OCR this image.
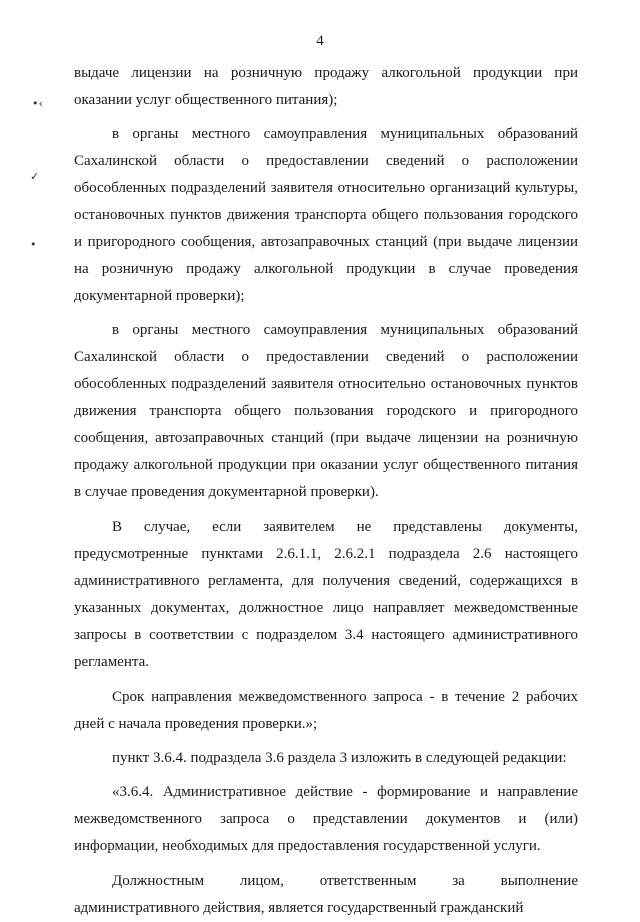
4
•‹
✓
•

выдаче лицензии на розничную продажу алкогольной продукции при оказании услуг общественного питания);

в органы местного самоуправления муниципальных образований Сахалинской области о предоставлении сведений о расположении обособленных подразделений заявителя относительно организаций культуры, остановочных пунктов движения транспорта общего пользования городского и пригородного сообщения, автозаправочных станций (при выдаче лицензии на розничную продажу алкогольной продукции в случае проведения документарной проверки);

в органы местного самоуправления муниципальных образований Сахалинской области о предоставлении сведений о расположении обособленных подразделений заявителя относительно остановочных пунктов движения транспорта общего пользования городского и пригородного сообщения, автозаправочных станций (при выдаче лицензии на розничную продажу алкогольной продукции при оказании услуг общественного питания в случае проведения документарной проверки).

В случае, если заявителем не представлены документы, предусмотренные пунктами 2.6.1.1, 2.6.2.1 подраздела 2.6 настоящего административного регламента, для получения сведений, содержащихся в указанных документах, должностное лицо направляет межведомственные запросы в соответствии с подразделом 3.4 настоящего административного регламента.

Срок направления межведомственного запроса - в течение 2 рабочих дней с начала проведения проверки.»;

пункт 3.6.4. подраздела 3.6 раздела 3 изложить в следующей редакции:

«3.6.4. Административное действие - формирование и направление межведомственного запроса о представлении документов и (или) информации, необходимых для предоставления государственной услуги.

Должностным лицом, ответственным за выполнение административного действия, является государственный гражданский
